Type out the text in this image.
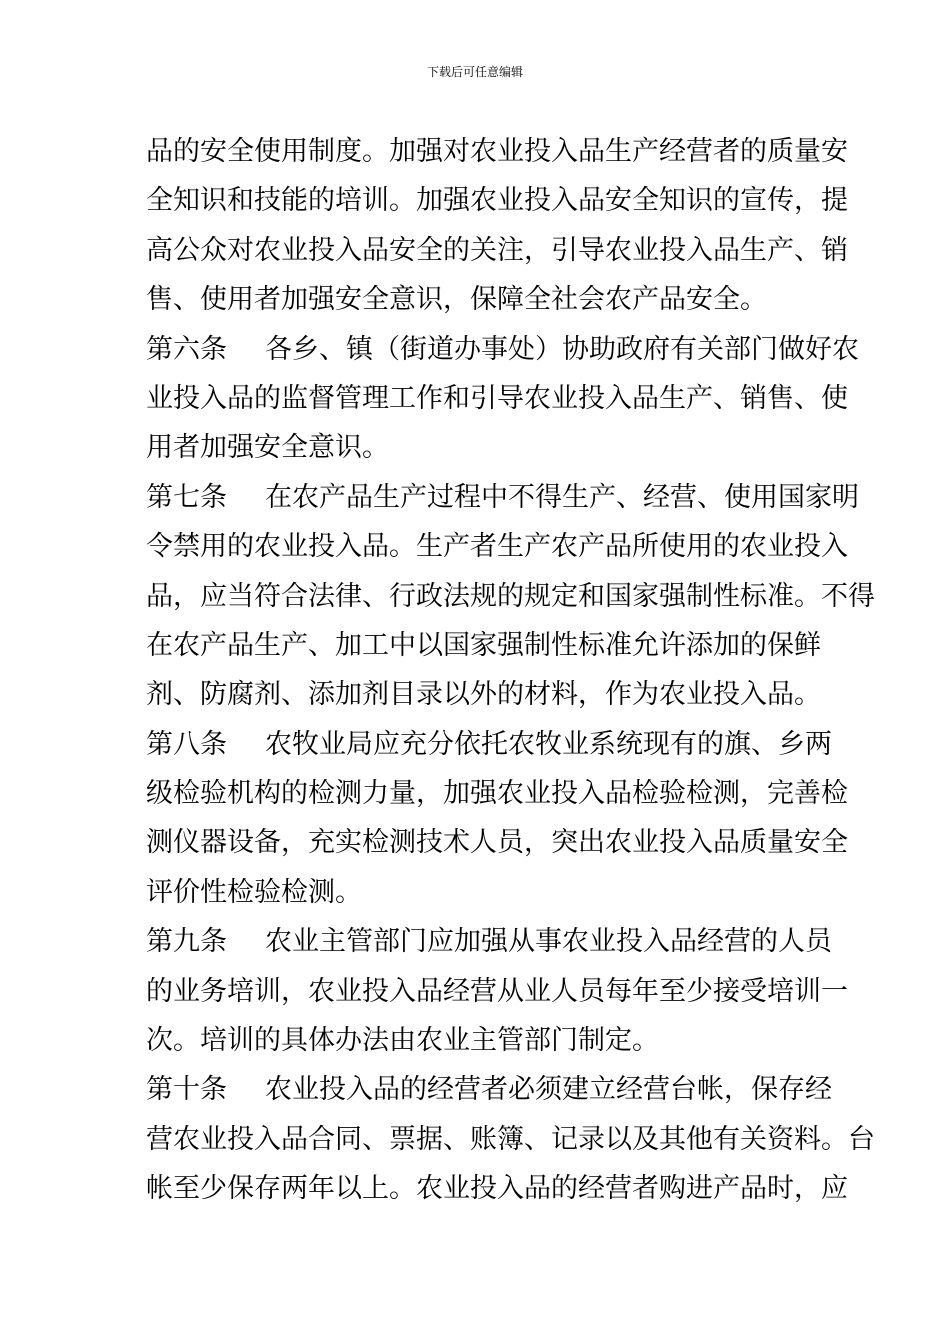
下载后可任意编辑
品的安全使用制度。加强对农业投入品生产经营者的质量安
全知识和技能的培训。加强农业投入品安全知识的宣传，提
高公众对农业投入品安全的关注，引导农业投入品生产、销
售、使用者加强安全意识，保障全社会农产品安全。
第六条 各乡、镇（街道办事处）协助政府有关部门做好农
业投入品的监督管理工作和引导农业投入品生产、销售、使
用者加强安全意识。
第七条 在农产品生产过程中不得生产、经营、使用国家明
令禁用的农业投入品。生产者生产农产品所使用的农业投入
品，应当符合法律、行政法规的规定和国家强制性标准。不得
在农产品生产、加工中以国家强制性标准允许添加的保鲜
剂、防腐剂、添加剂目录以外的材料，作为农业投入品。
第八条 农牧业局应充分依托农牧业系统现有的旗、乡两
级检验机构的检测力量，加强农业投入品检验检测，完善检
测仪器设备，充实检测技术人员，突出农业投入品质量安全
评价性检验检测。
第九条 农业主管部门应加强从事农业投入品经营的人员
的业务培训，农业投入品经营从业人员每年至少接受培训一
次。培训的具体办法由农业主管部门制定。
第十条 农业投入品的经营者必须建立经营台帐，保存经
营农业投入品合同、票据、账簿、记录以及其他有关资料。台
帐至少保存两年以上。农业投入品的经营者购进产品时，应
